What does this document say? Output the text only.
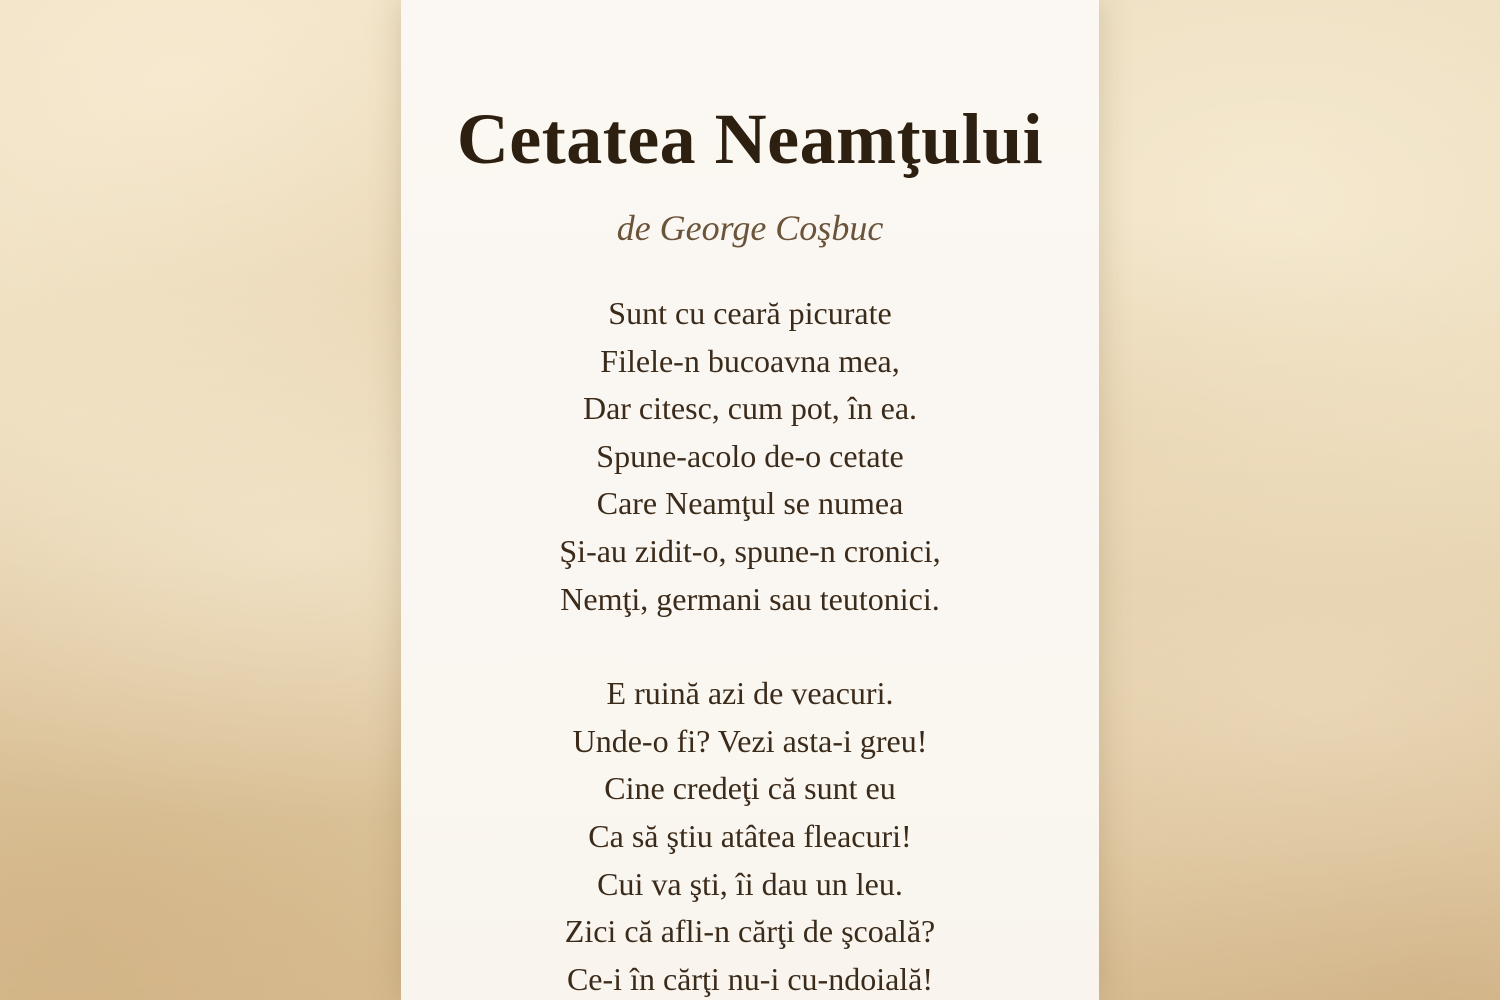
Cetatea Neamţului
de George Coşbuc
Sunt cu ceară picurate
Filele-n bucoavna mea,
Dar citesc, cum pot, în ea.
Spune-acolo de-o cetate
Care Neamţul se numea
Şi-au zidit-o, spune-n cronici,
Nemţi, germani sau teutonici.
E ruină azi de veacuri.
Unde-o fi? Vezi asta-i greu!
Cine credeţi că sunt eu
Ca să ştiu atâtea fleacuri!
Cui va şti, îi dau un leu.
Zici că afli-n cărţi de şcoală?
Ce-i în cărţi nu-i cu-ndoială!
